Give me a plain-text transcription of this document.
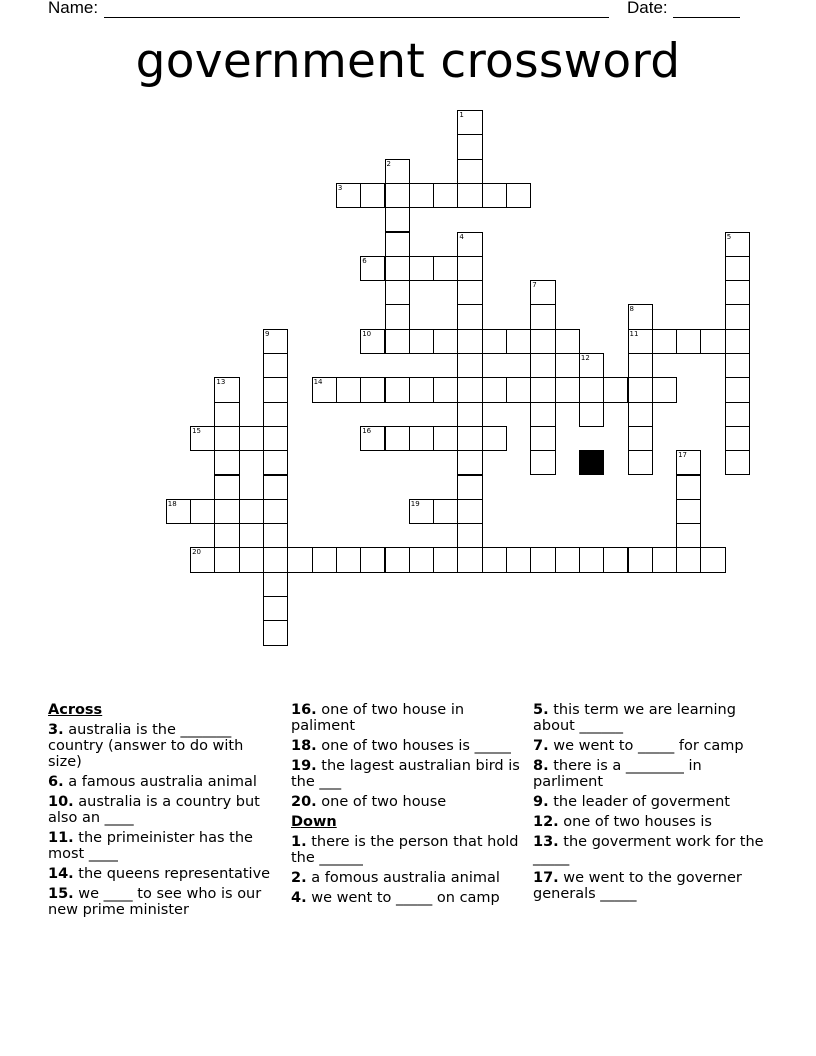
Name:	Date:
government crossword
3
6
10	11
14
15	16
18	19
20
1
2
4	5
7
8
9
12
13
17
Across
3. australia is the _______ country (answer to do with size)
6. a famous australia animal
10. australia is a country but also an ____
11. the primeinister has the most ____
14. the queens representative
15. we ____ to see who is our new prime minister
16. one of two house in paliment
18. one of two houses is _____
19. the lagest australian bird is the ___
20. one of two house
Down
1. there is the person that hold the ______
2. a fomous australia animal
4. we went to _____ on camp
5. this term we are learning about ______
7. we went to _____ for camp
8. there is a ________ in parliment
9. the leader of goverment
12. one of two houses is
13. the goverment work for the _____
17. we went to the governer generals _____
